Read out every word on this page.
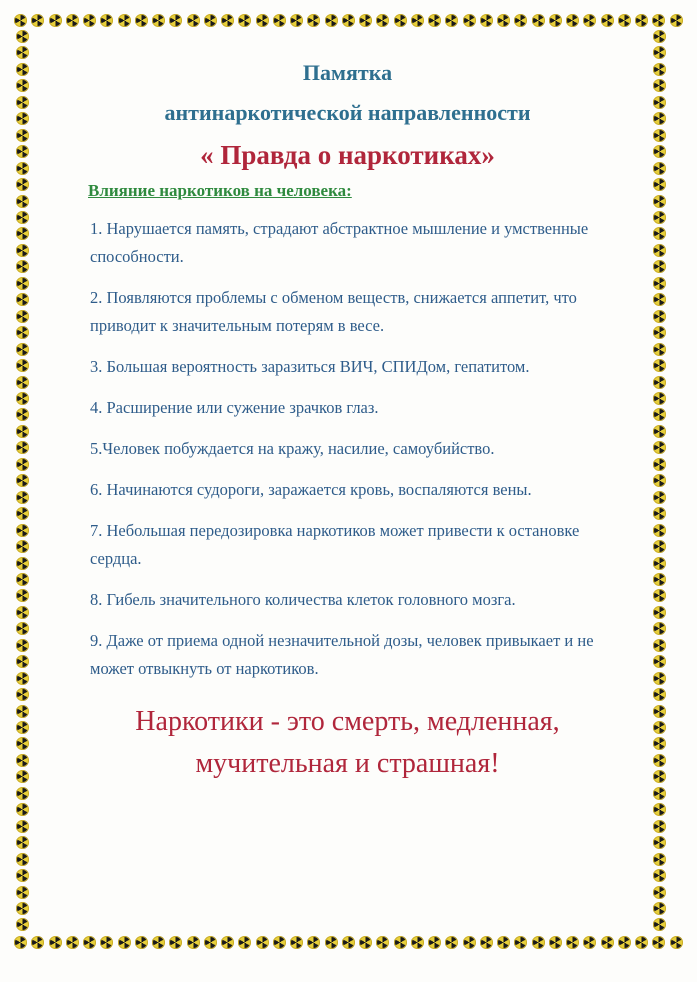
Памятка

антинаркотической направленности

« Правда о наркотиках»
Влияние наркотиков на человека:
1. Нарушается память, страдают абстрактное мышление и умственные способности.
2. Появляются проблемы с обменом веществ, снижается аппетит, что приводит к значительным потерям в весе.
3. Большая вероятность заразиться ВИЧ, СПИДом, гепатитом.
4. Расширение или сужение зрачков глаз.
5.Человек побуждается на кражу, насилие, самоубийство.
6. Начинаются судороги, заражается кровь, воспаляются вены.
7. Небольшая передозировка наркотиков может привести к остановке сердца.
8. Гибель значительного количества клеток головного мозга.
9. Даже от приема одной незначительной дозы, человек привыкает и не может отвыкнуть от наркотиков.
Наркотики - это смерть, медленная,
мучительная и страшная!
